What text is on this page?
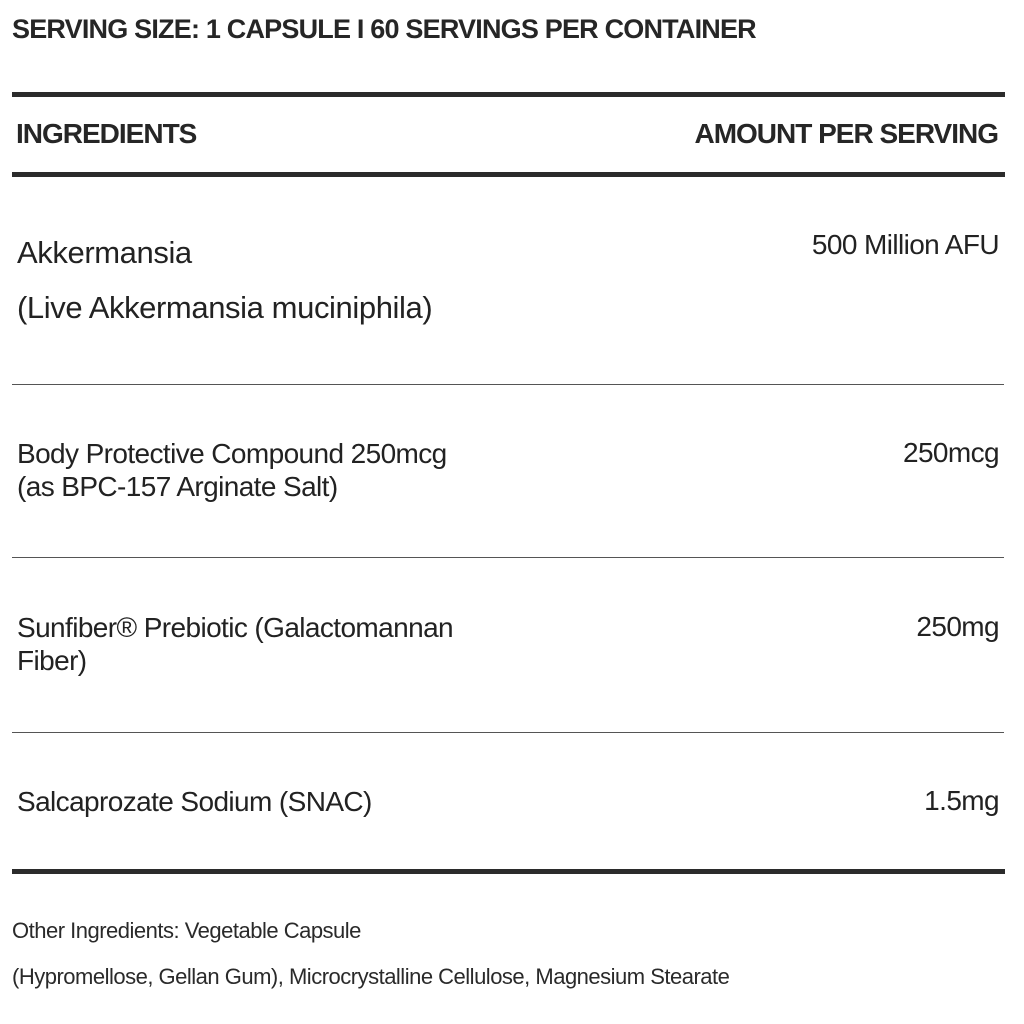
SERVING SIZE: 1 CAPSULE I 60 SERVINGS PER CONTAINER
INGREDIENTS	AMOUNT PER SERVING
Akkermansia
(Live Akkermansia muciniphila)
500 Million AFU
Body Protective Compound 250mcg
(as BPC-157 Arginate Salt)
250mcg
Sunfiber® Prebiotic (Galactomannan
Fiber)
250mg
Salcaprozate Sodium (SNAC)	1.5mg
Other Ingredients: Vegetable Capsule
(Hypromellose, Gellan Gum), Microcrystalline Cellulose, Magnesium Stearate
